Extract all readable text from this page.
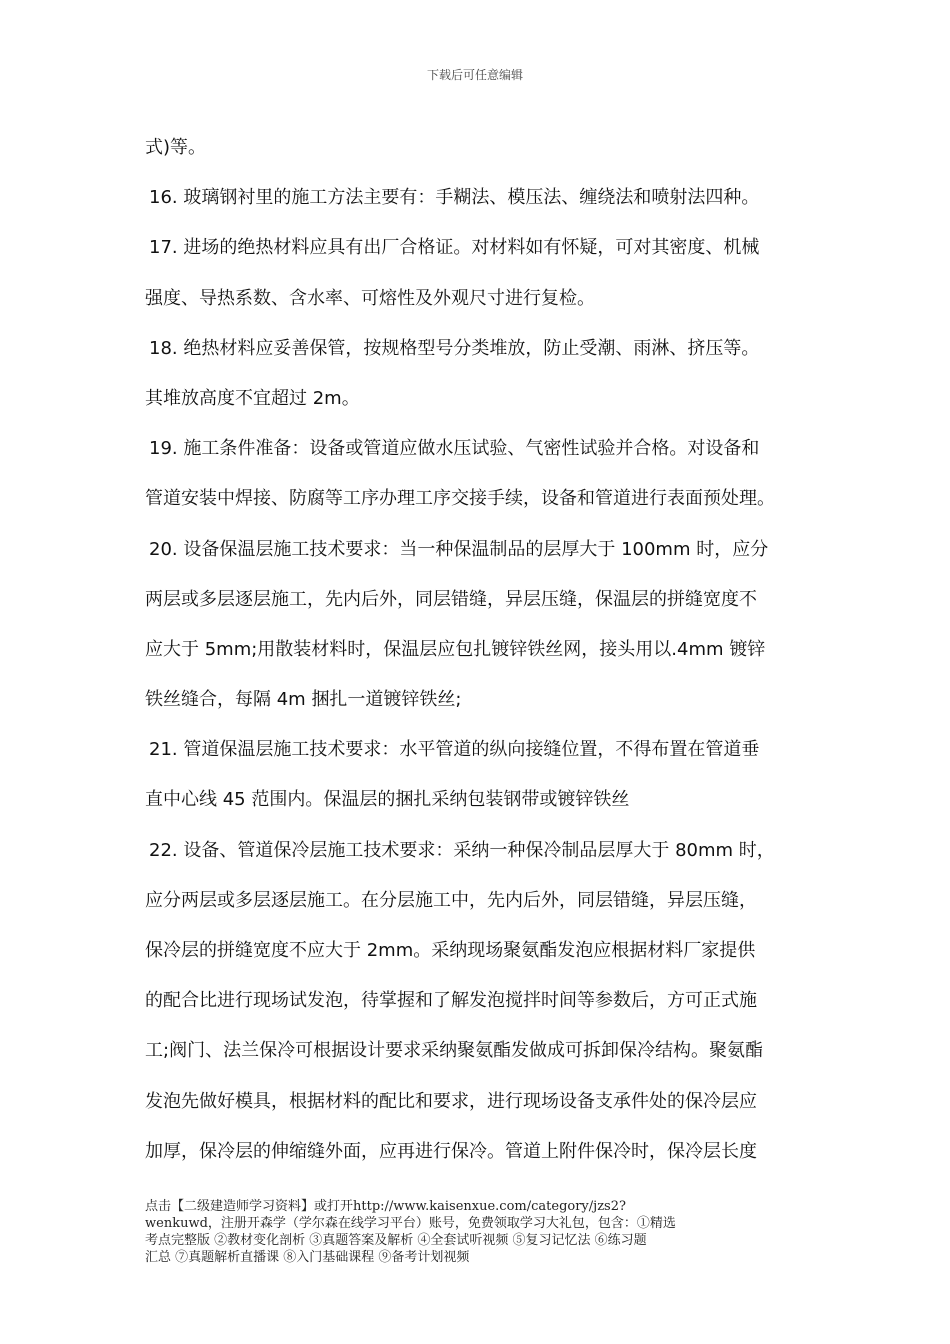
下载后可任意编辑
式)等。
16. 玻璃钢衬里的施工方法主要有：手糊法、模压法、缠绕法和喷射法四种。
17. 进场的绝热材料应具有出厂合格证。对材料如有怀疑，可对其密度、机械
强度、导热系数、含水率、可熔性及外观尺寸进行复检。
18. 绝热材料应妥善保管，按规格型号分类堆放，防止受潮、雨淋、挤压等。
其堆放高度不宜超过 2m。
19. 施工条件准备：设备或管道应做水压试验、气密性试验并合格。对设备和
管道安装中焊接、防腐等工序办理工序交接手续，设备和管道进行表面预处理。
20. 设备保温层施工技术要求：当一种保温制品的层厚大于 100mm 时，应分
两层或多层逐层施工，先内后外，同层错缝，异层压缝，保温层的拼缝宽度不
应大于 5mm;用散装材料时，保温层应包扎镀锌铁丝网，接头用以.4mm 镀锌
铁丝缝合，每隔 4m 捆扎一道镀锌铁丝;
21. 管道保温层施工技术要求：水平管道的纵向接缝位置，不得布置在管道垂
直中心线 45 范围内。保温层的捆扎采纳包装钢带或镀锌铁丝
22. 设备、管道保冷层施工技术要求：采纳一种保冷制品层厚大于 80mm 时，
应分两层或多层逐层施工。在分层施工中，先内后外，同层错缝，异层压缝，
保冷层的拼缝宽度不应大于 2mm。采纳现场聚氨酯发泡应根据材料厂家提供
的配合比进行现场试发泡，待掌握和了解发泡搅拌时间等参数后，方可正式施
工;阀门、法兰保冷可根据设计要求采纳聚氨酯发做成可拆卸保冷结构。聚氨酯
发泡先做好模具，根据材料的配比和要求，进行现场设备支承件处的保冷层应
加厚，保冷层的伸缩缝外面，应再进行保冷。管道上附件保冷时，保冷层长度
点击【二级建造师学习资料】或打开http://www.kaisenxue.com/category/jzs2?
wenkuwd，注册开森学（学尔森在线学习平台）账号，免费领取学习大礼包，包含：①精选
考点完整版 ②教材变化剖析 ③真题答案及解析 ④全套试听视频 ⑤复习记忆法 ⑥练习题
汇总 ⑦真题解析直播课 ⑧入门基础课程 ⑨备考计划视频
